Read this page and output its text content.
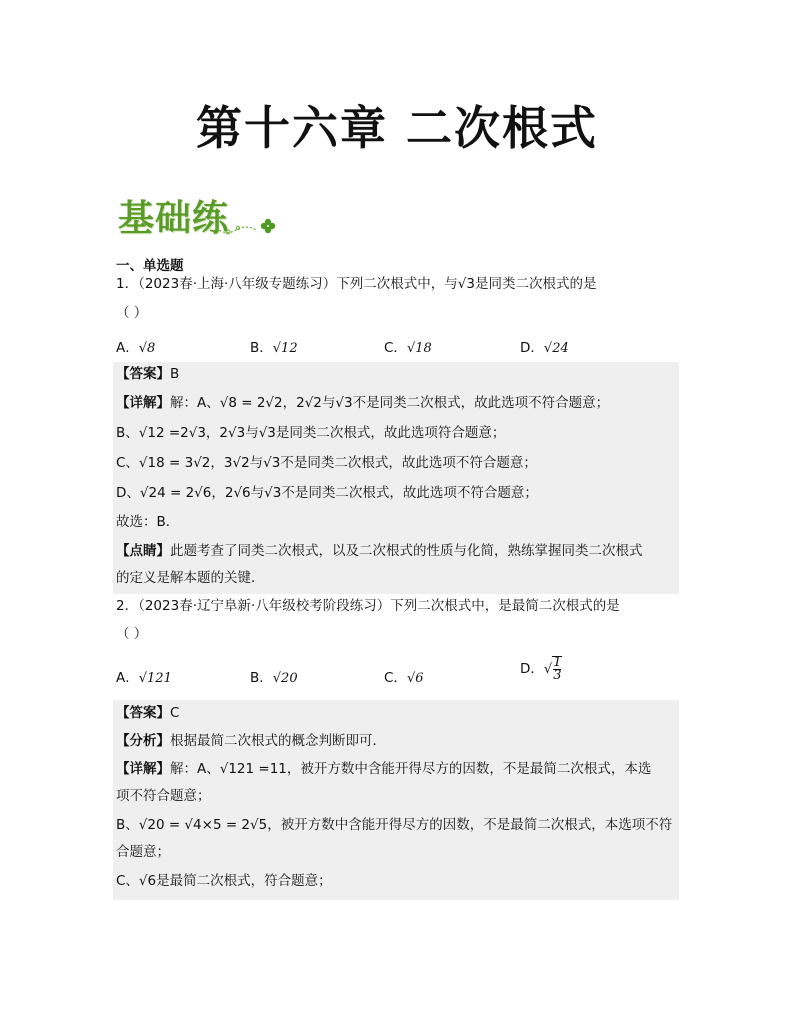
第十六章 二次根式
基础练
一、单选题
1．（2023春·上海·八年级专题练习）下列二次根式中，与√3是同类二次根式的是
（ ）
A．√8	B．√12	C．√18	D．√24
【答案】B
【详解】解：A、√8 = 2√2，2√2与√3不是同类二次根式，故此选项不符合题意；
B、√12 =2√3，2√3与√3是同类二次根式，故此选项符合题意；
C、√18 = 3√2，3√2与√3不是同类二次根式，故此选项不符合题意；
D、√24 = 2√6，2√6与√3不是同类二次根式，故此选项不符合题意；
故选：B．
【点睛】此题考查了同类二次根式，以及二次根式的性质与化简，熟练掌握同类二次根式
的定义是解本题的关键．
2．（2023春·辽宁阜新·八年级校考阶段练习）下列二次根式中，是最简二次根式的是
（ ）
A．√121	B．√20	C．√6
D．√ $\frac{1}{3}$
【答案】C
【分析】根据最简二次根式的概念判断即可．
【详解】解：A、√121 =11，被开方数中含能开得尽方的因数，不是最简二次根式，本选
项不符合题意；
B、√20 = √4×5 = 2√5，被开方数中含能开得尽方的因数，不是最简二次根式，本选项不符
合题意；
C、√6是最简二次根式，符合题意；
